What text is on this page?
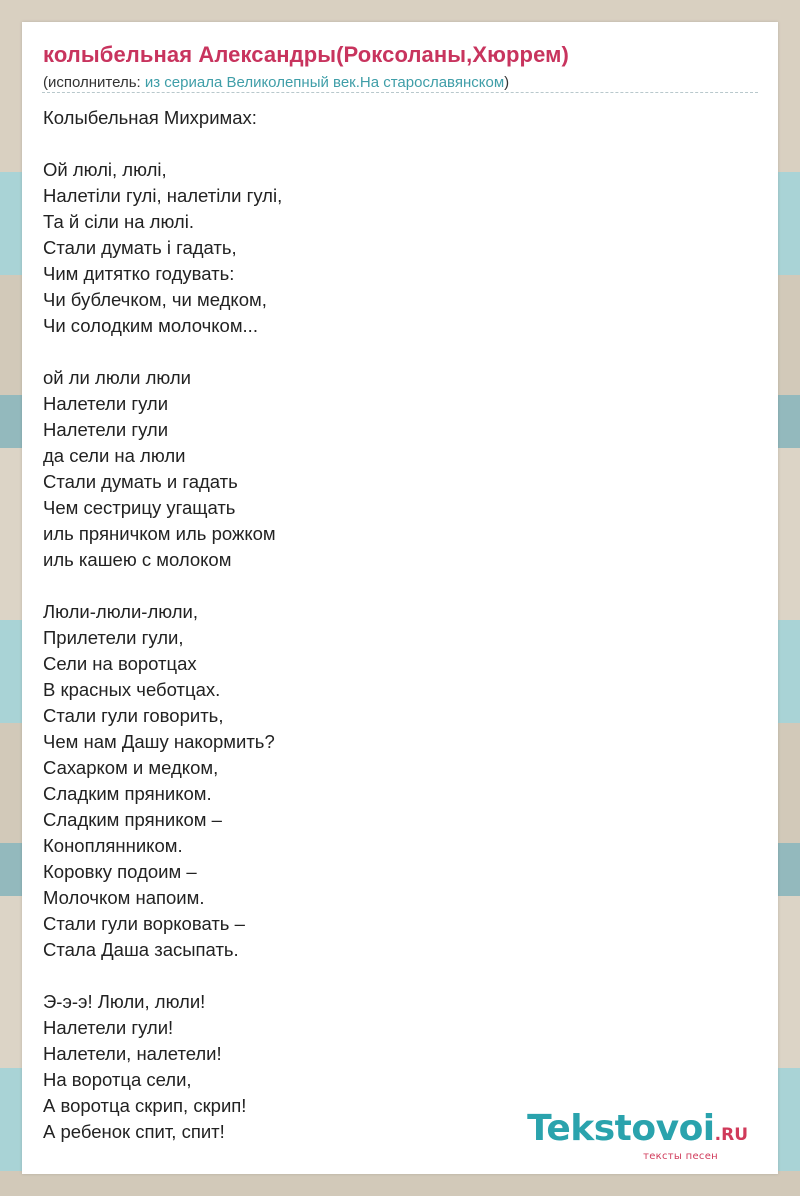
колыбельная Александры(Роксоланы,Хюррем)
(исполнитель: из сериала Великолепный век.На старославянском)
Колыбельная Михримах:

Ой люлі, люлі,
Налетіли гулі, налетіли гулі,
Та й сіли на люлі.
Стали думать і гадать,
Чим дитятко годувать:
Чи бублечком, чи медком,
Чи солодким молочком...

ой ли люли люли
Налетели гули
Налетели гули
да сели на люли
Стали думать и гадать
Чем сестрицу угащать
иль пряничком иль рожком
иль кашею с молоком

Люли-люли-люли,
Прилетели гули,
Сели на воротцах
В красных чеботцах.
Стали гули говорить,
Чем нам Дашу накормить?
Сахарком и медком,
Сладким пряником.
Сладким пряником –
Коноплянником.
Коровку подоим –
Молочком напоим.
Стали гули ворковать –
Стала Даша засыпать.

Э-э-э! Люли, люли!
Налетели гули!
Налетели, налетели!
На воротца сели,
А воротца скрип, скрип!
А ребенок спит, спит!	Tekstovoi.RU
тексты песен
